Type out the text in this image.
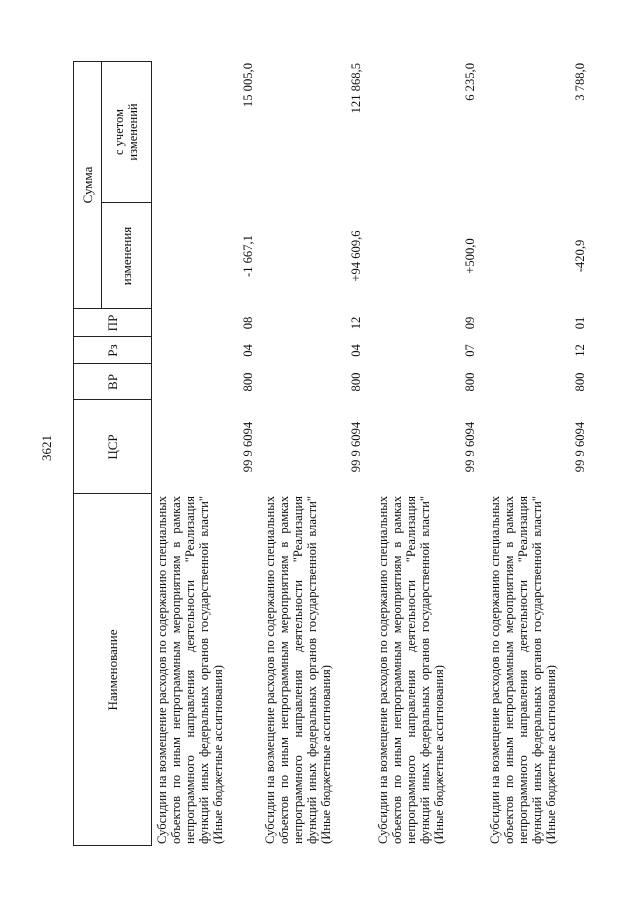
3621
Наименование
ЦСР
ВР
Рз
ПР
Сумма
изменения
с учетом изменений
Субсидии на возмещение расходов по содержанию специальных объектов по иным непрограммным мероприятиям в рамках непрограммного направления деятельности "Реализация функций иных федеральных органов государственной власти" (Иные бюджетные ассигнования)
99 9 6094
800
04
08
-1 667,1
15 005,0
Субсидии на возмещение расходов по содержанию специальных объектов по иным непрограммным мероприятиям в рамках непрограммного направления деятельности "Реализация функций иных федеральных органов государственной власти" (Иные бюджетные ассигнования)
99 9 6094
800
04
12
+94 609,6
121 868,5
Субсидии на возмещение расходов по содержанию специальных объектов по иным непрограммным мероприятиям в рамках непрограммного направления деятельности "Реализация функций иных федеральных органов государственной власти" (Иные бюджетные ассигнования)
99 9 6094
800
07
09
+500,0
6 235,0
Субсидии на возмещение расходов по содержанию специальных объектов по иным непрограммным мероприятиям в рамках непрограммного направления деятельности "Реализация функций иных федеральных органов государственной власти" (Иные бюджетные ассигнования)
99 9 6094
800
12
01
-420,9
3 788,0
